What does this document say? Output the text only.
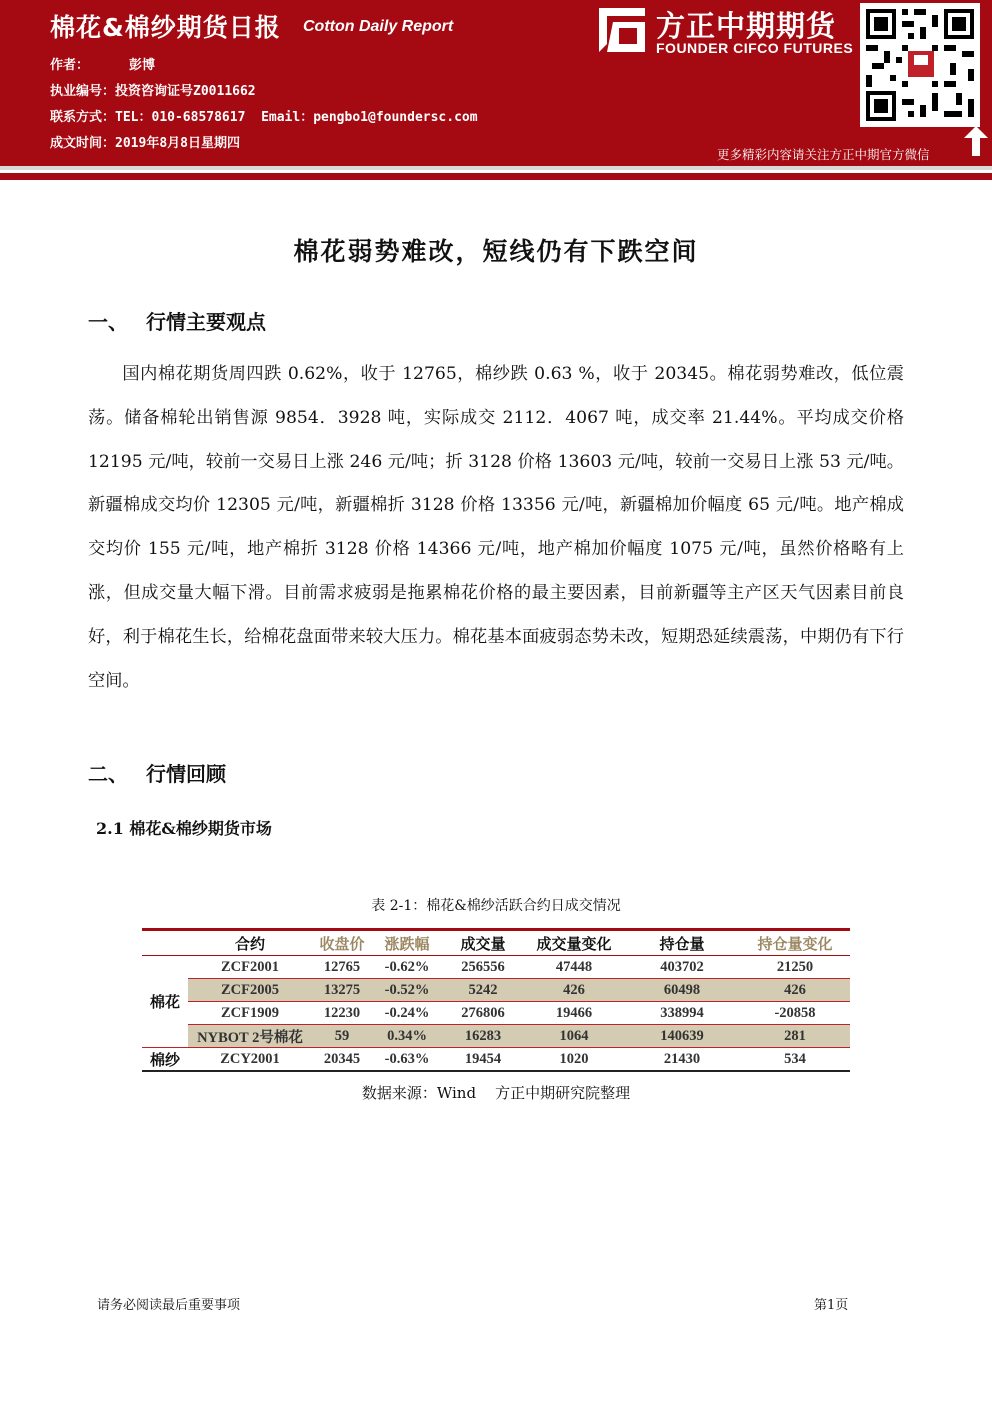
棉花&棉纱期货日报 Cotton Daily Report
作者：	彭博
执业编号：投资咨询证号Z0011662
联系方式：TEL：010-68578617  Email：pengbo1@foundersc.com
成文时间：2019年8月8日星期四
方正中期期货
FOUNDER CIFCO FUTURES
更多精彩内容请关注方正中期官方微信
棉花弱势难改，短线仍有下跌空间
一、 行情主要观点

国内棉花期货周四跌 0.62%，收于 12765，棉纱跌 0.63 %，收于 20345。棉花弱势难改，低位震荡。储备棉轮出销售源 9854．3928 吨，实际成交 2112．4067 吨，成交率 21.44%。平均成交价格 12195 元/吨，较前一交易日上涨 246 元/吨；折 3128 价格 13603 元/吨，较前一交易日上涨 53 元/吨。新疆棉成交均价 12305 元/吨，新疆棉折 3128 价格 13356 元/吨，新疆棉加价幅度 65 元/吨。地产棉成交均价 155 元/吨，地产棉折 3128 价格 14366 元/吨，地产棉加价幅度 1075 元/吨，虽然价格略有上涨，但成交量大幅下滑。目前需求疲弱是拖累棉花价格的最主要因素，目前新疆等主产区天气因素目前良好，利于棉花生长，给棉花盘面带来较大压力。棉花基本面疲弱态势未改，短期恐延续震荡，中期仍有下行空间。

二、 行情回顾
2.1 棉花&棉纱期货市场
表 2-1：棉花&棉纱活跃合约日成交情况
	合约	收盘价	涨跌幅	成交量	成交量变化	持仓量	持仓量变化
棉花	ZCF2001	12765	-0.62%	256556	47448	403702	21250
	ZCF2005	13275	-0.52%	5242	426	60498	426
	ZCF1909	12230	-0.24%	276806	19466	338994	-20858
	NYBOT 2号棉花	59	0.34%	16283	1064	140639	281
棉纱	ZCY2001	20345	-0.63%	19454	1020	21430	534
数据来源：Wind    方正中期研究院整理
请务必阅读最后重要事项	第1页
